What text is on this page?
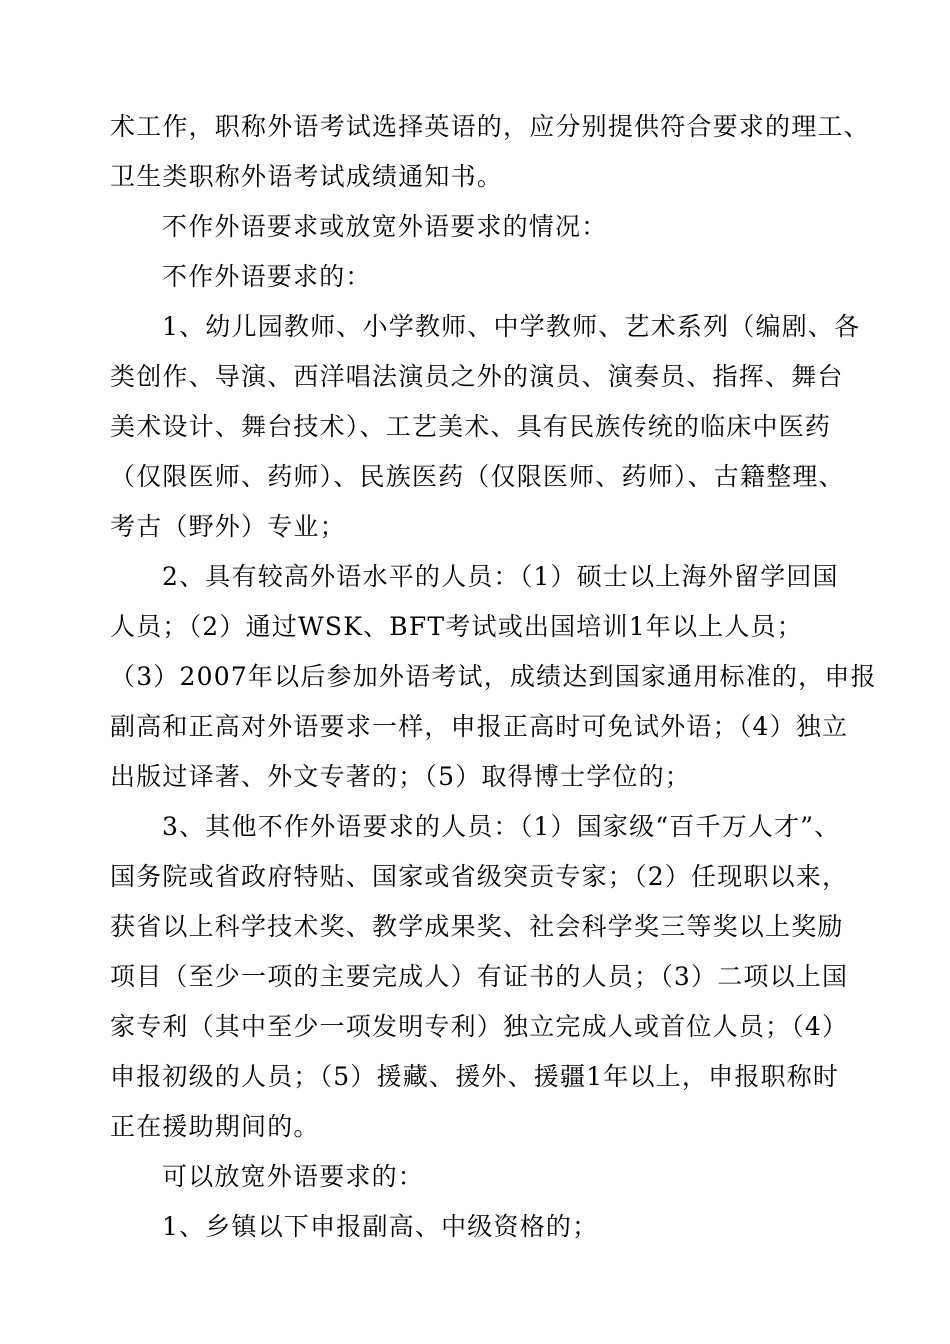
术工作，职称外语考试选择英语的，应分别提供符合要求的理工、
卫生类职称外语考试成绩通知书。
不作外语要求或放宽外语要求的情况：
不作外语要求的：
1、幼儿园教师、小学教师、中学教师、艺术系列（编剧、各
类创作、导演、西洋唱法演员之外的演员、演奏员、指挥、舞台
美术设计、舞台技术）、工艺美术、具有民族传统的临床中医药
（仅限医师、药师）、民族医药（仅限医师、药师）、古籍整理、
考古（野外）专业；
2、具有较高外语水平的人员：（1）硕士以上海外留学回国
人员；（2）通过WSK、BFT考试或出国培训1年以上人员；
（3）2007年以后参加外语考试，成绩达到国家通用标准的，申报
副高和正高对外语要求一样，申报正高时可免试外语；（4）独立
出版过译著、外文专著的；（5）取得博士学位的；
3、其他不作外语要求的人员：（1）国家级“百千万人才”、
国务院或省政府特贴、国家或省级突贡专家；（2）任现职以来，
获省以上科学技术奖、教学成果奖、社会科学奖三等奖以上奖励
项目（至少一项的主要完成人）有证书的人员；（3）二项以上国
家专利（其中至少一项发明专利）独立完成人或首位人员；（4）
申报初级的人员；（5）援藏、援外、援疆1年以上，申报职称时
正在援助期间的。
可以放宽外语要求的：
1、乡镇以下申报副高、中级资格的；
